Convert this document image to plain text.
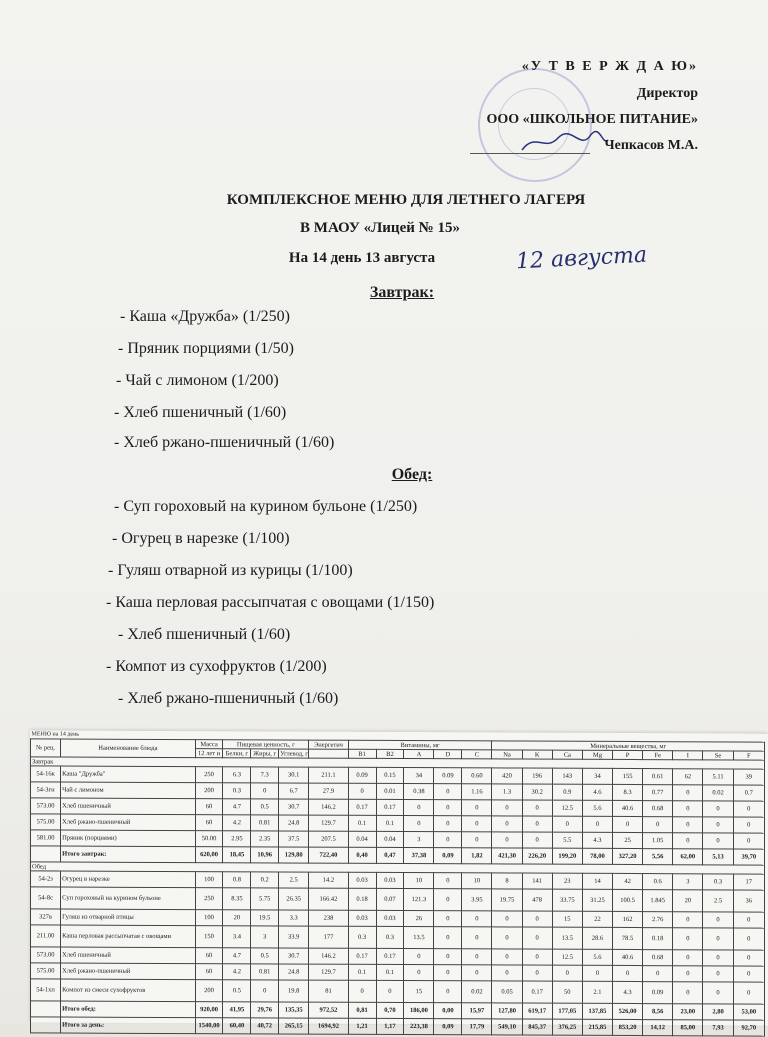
«У Т В Е Р Ж Д А Ю»
Директор
ООО «ШКОЛЬНОЕ ПИТАНИЕ»
Чепкасов М.А.
КОМПЛЕКСНОЕ МЕНЮ ДЛЯ ЛЕТНЕГО ЛАГЕРЯ
В МАОУ «Лицей № 15»
На 14 день 13 августа	12 августа
Завтрак:
- Каша «Дружба» (1/250)
- Пряник порциями (1/50)
- Чай с лимоном (1/200)
- Хлеб пшеничный (1/60)
- Хлеб ржано-пшеничный (1/60)
Обед:
- Суп гороховый на курином бульоне (1/250)
- Огурец в нарезке (1/100)
- Гуляш отварной из курицы (1/100)
- Каша перловая рассыпчатая с овощами (1/150)
- Хлеб пшеничный (1/60)
- Компот из сухофруктов (1/200)
- Хлеб ржано-пшеничный (1/60)
МЕНЮ на 14 день																				
№ рец.	Наименование блюда	Масса	Пищевая ценность, г			Энергетич	Витамины, мг					Минеральные вещества, мг								
		12 лет и	Белки, г	Жиры, г	Углевод, г		B1	B2	A	D	C	Na	K	Ca	Mg	P	Fe	I	Se	F
Завтрак																				
54-16к	Каша "Дружба"	250	6.3	7.3	30.1	211.1	0.09	0.15	34	0.09	0.60	420	196	143	34	155	0.61	62	5.11	39
54-3гн	Чай с лимоном	200	0.3	0	6.7	27.9	0	0.01	0.38	0	1.16	1.3	30.2	0.9	4.6	8.3	0.77	0	0.02	0.7
573.00	Хлеб пшеничный	60	4.7	0.5	30.7	146.2	0.17	0.17	0	0	0	0	0	12.5	5.6	40.6	0.68	0	0	0
575.00	Хлеб ржано-пшеничный	60	4.2	0.81	24.8	129.7	0.1	0.1	0	0	0	0	0	0	0	0	0	0	0	0
581.00	Пряник (порциями)	50.00	2.95	2.35	37.5	207.5	0.04	0.04	3	0	0	0	0	5.5	4.3	25	1.05	0	0	0
	Итого завтрак:	620,00	18,45	10,96	129,80	722,40	0,40	0,47	37,38	0,09	1,82	421,30	226,20	199,20	78,00	327,20	5,56	62,00	5,13	39,70
Обед																				
54-2з	Огурец в нарезке	100	0.8	0.2	2.5	14.2	0.03	0.03	10	0	10	8	141	23	14	42	0.6	3	0.3	17
54-8с	Суп гороховый на курином бульоне	250	8.35	5.75	26.35	166.42	0.18	0.07	121.3	0	3.95	19.75	478	33.75	31.25	100.5	1.845	20	2.5	36
327в	Гуляш из отварной птицы	100	20	19.5	3.3	238	0.03	0.03	26	0	0	0	0	15	22	162	2.76	0	0	0
211.00	Каша перловая рассыпчатая с овощами	150	3.4	3	33.9	177	0.3	0.3	13.5	0	0	0	0	13.5	28.6	78.5	0.18	0	0	0
573.00	Хлеб пшеничный	60	4.7	0.5	30.7	146.2	0.17	0.17	0	0	0	0	0	12.5	5.6	40.6	0.68	0	0	0
575.00	Хлеб ржано-пшеничный	60	4.2	0.81	24.8	129.7	0.1	0.1	0	0	0	0	0	0	0	0	0	0	0	0
54-1хп	Компот из смеси сухофруктов	200	0.5	0	19.8	81	0	0	15	0	0.02	0.05	0.17	50	2.1	4.3	0.09	0	0	0
	Итого обед:	920,00	41,95	29,76	135,35	972,52	0,81	0,70	186,00	0,00	15,97	127,80	619,17	177,05	137,85	526,00	8,56	23,00	2,80	53,00
	Итого за день:	1540,00	60,40	40,72	265,15	1694,92	1,21	1,17	223,38	0,09	17,79	549,10	845,37	376,25	215,85	853,20	14,12	85,00	7,93	92,70
